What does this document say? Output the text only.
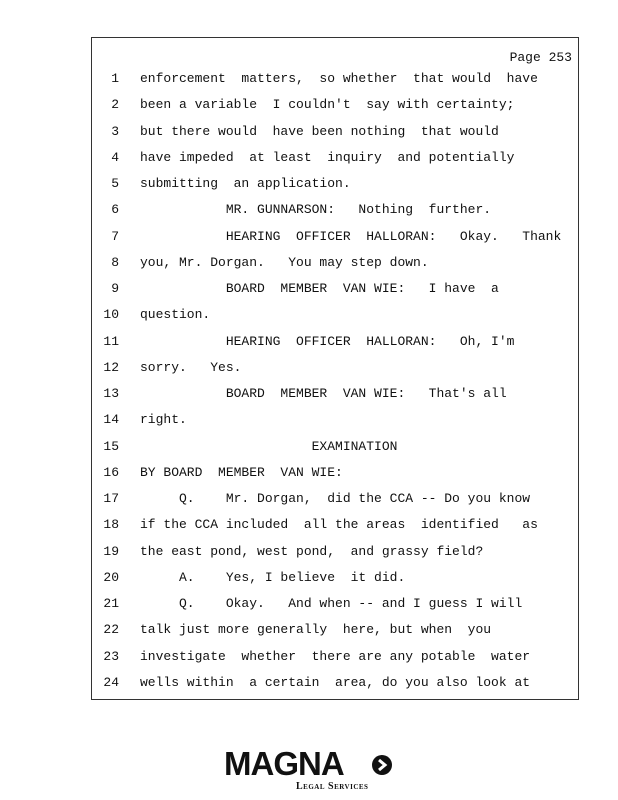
Page 253
1 enforcement  matters,  so whether  that would  have
2 been a variable  I couldn't  say with certainty;
3 but there would  have been nothing  that would
4 have impeded  at least  inquiry  and potentially
5 submitting  an application.
6 MR. GUNNARSON:   Nothing  further.
7 HEARING  OFFICER  HALLORAN:   Okay.   Thank
8 you, Mr. Dorgan.   You may step down.
9 BOARD  MEMBER  VAN WIE:   I have  a
10 question.
11 HEARING  OFFICER  HALLORAN:   Oh, I'm
12 sorry.   Yes.
13 BOARD  MEMBER  VAN WIE:   That's all
14 right.
15 EXAMINATION
16 BY BOARD  MEMBER  VAN WIE:
17 Q.    Mr. Dorgan,  did the CCA -- Do you know
18 if the CCA included  all the areas  identified   as
19 the east pond, west pond,  and grassy field?
20 A.    Yes, I believe  it did.
21 Q.    Okay.   And when -- and I guess I will
22 talk just more generally  here, but when  you
23 investigate  whether  there are any potable  water
24 wells within  a certain  area, do you also look at
MAGNA
Legal Services
